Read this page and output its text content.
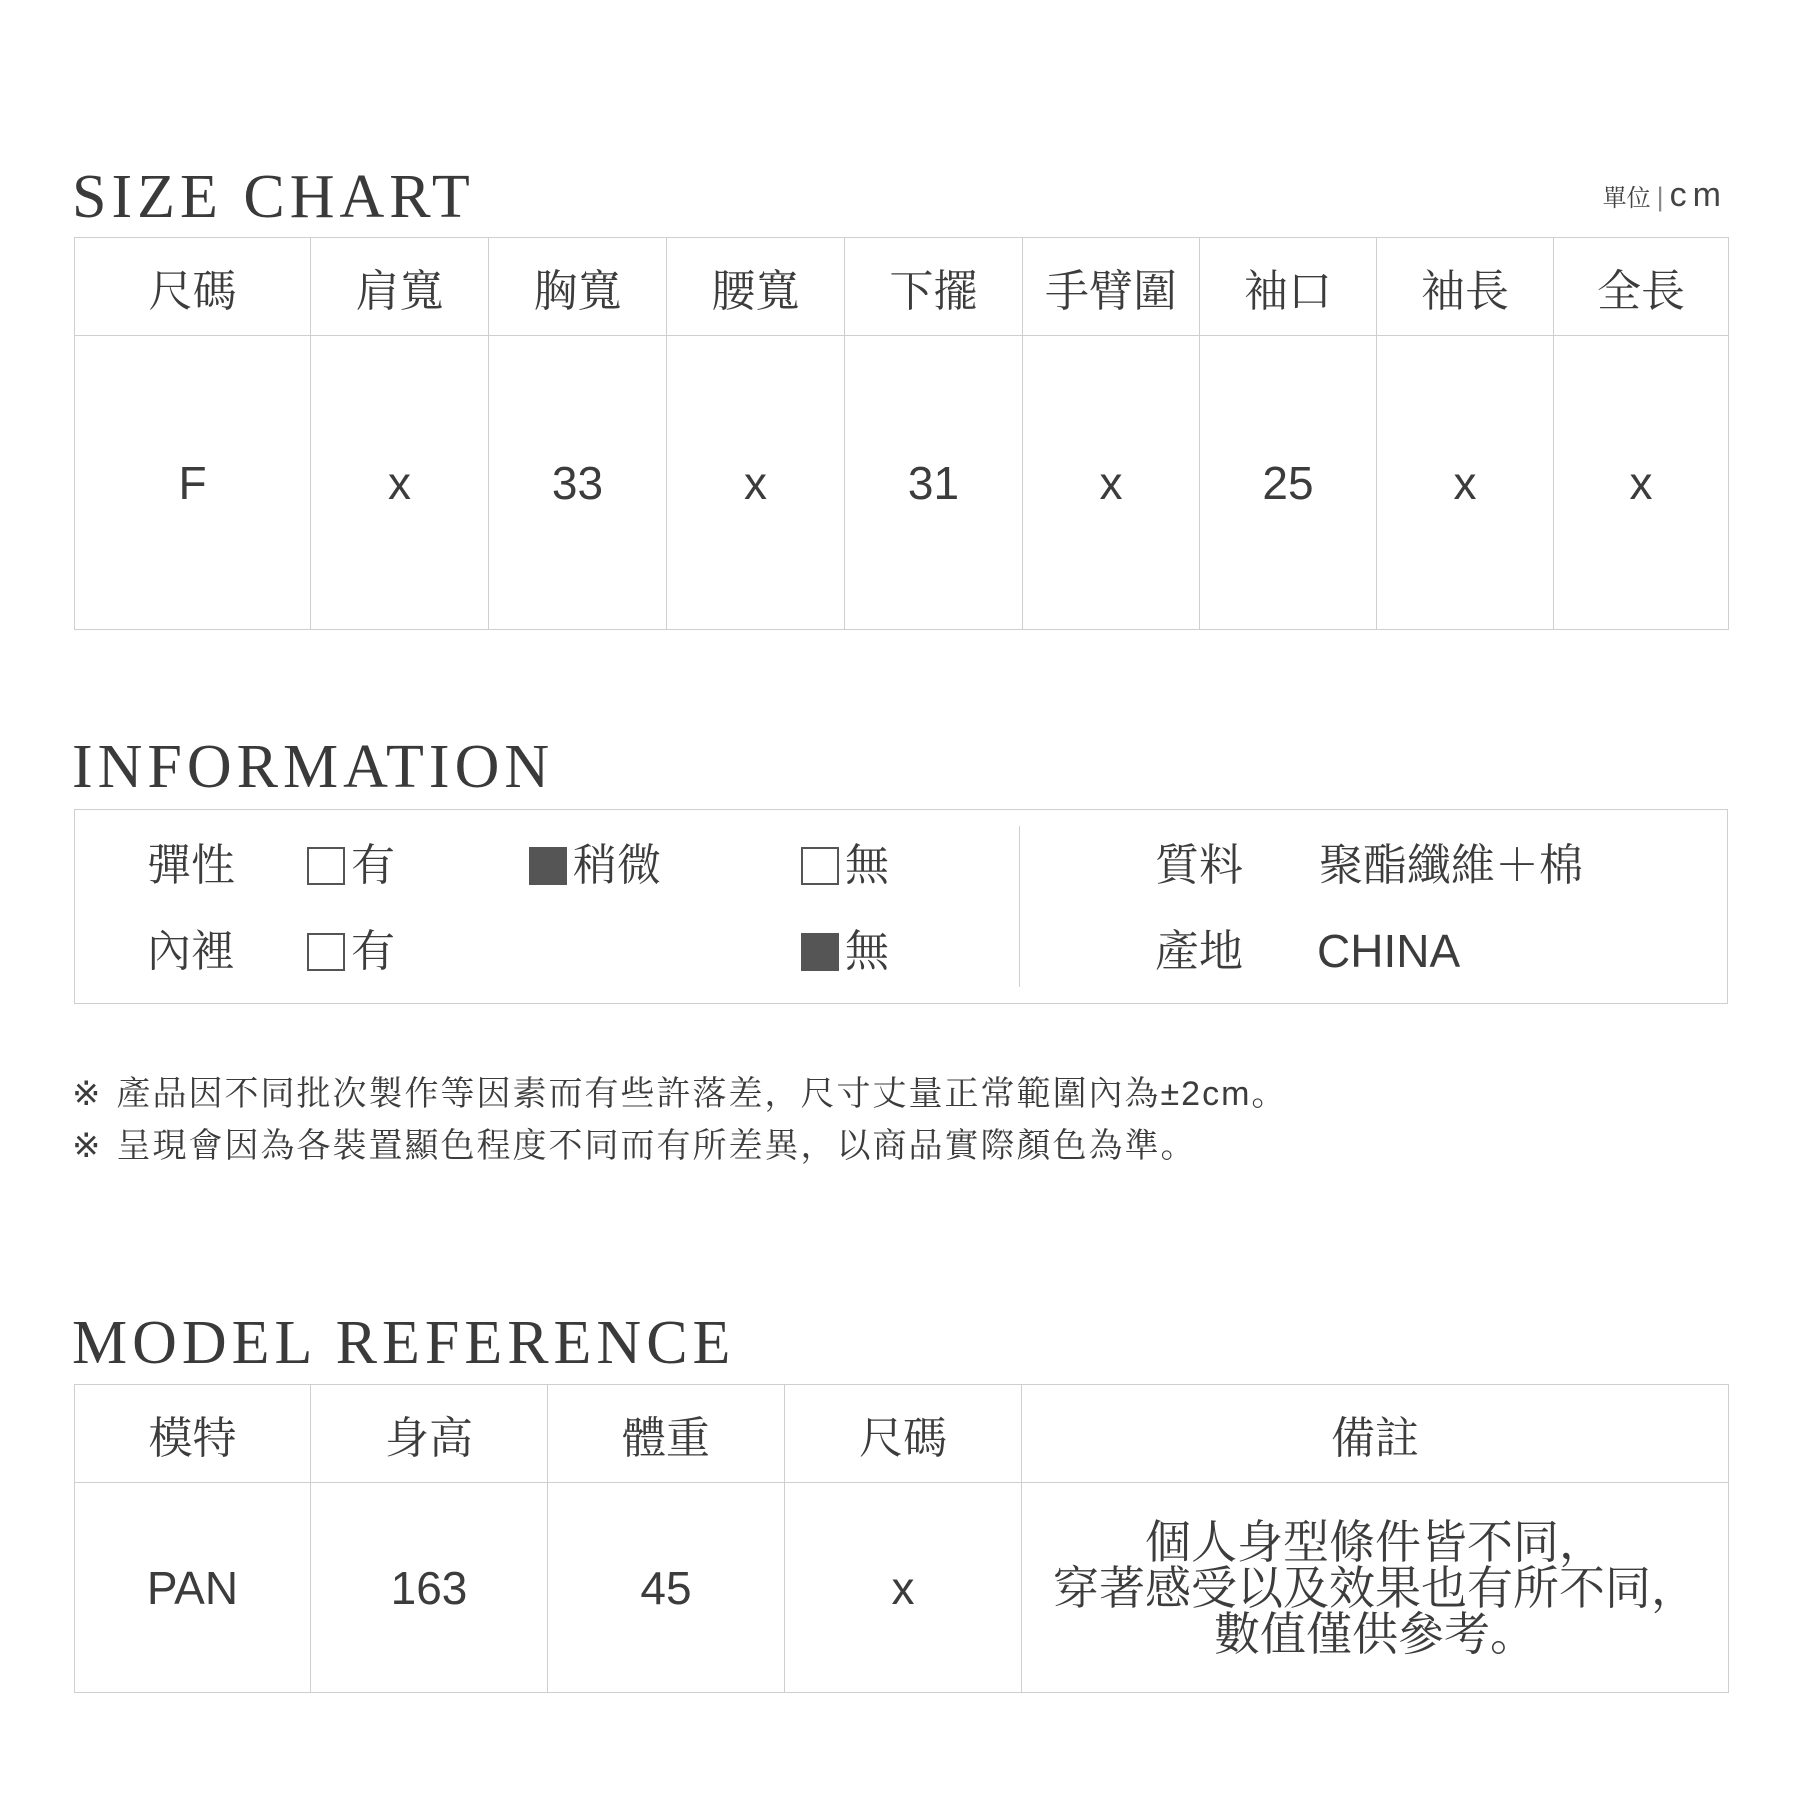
SIZE CHART	單位 | cm
尺碼	肩寬	胸寬	腰寬	下擺	手臂圍	袖口	袖長	全長
F	x	33	x	31	x	25	x	x
INFORMATION
彈性	有	稍微	無
內裡	有	無
質料 聚酯纖維＋棉
產地 CHINA
※ 產品因不同批次製作等因素而有些許落差，尺寸丈量正常範圍內為±2cm。
※ 呈現會因為各裝置顯色程度不同而有所差異，以商品實際顏色為準。
MODEL REFERENCE
模特	身高	體重	尺碼	備註
PAN	163	45	x	個人身型條件皆不同，
穿著感受以及效果也有所不同，
數值僅供參考。
